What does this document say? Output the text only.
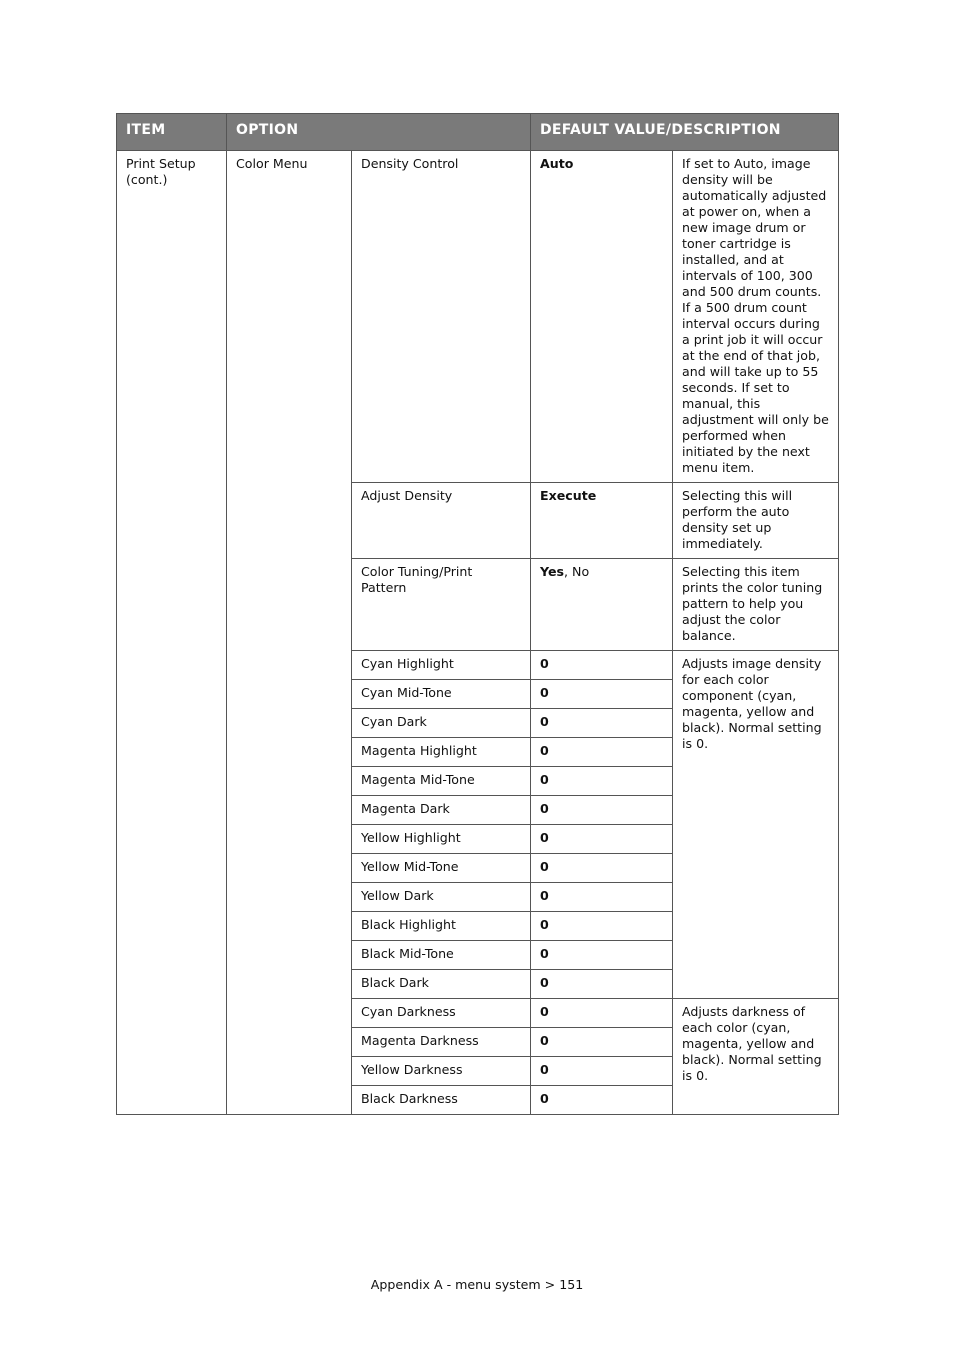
ITEM	OPTION		DEFAULT VALUE/DESCRIPTION	
Print Setup (cont.)	Color Menu	Density Control	Auto	If set to Auto, image density will be automatically adjusted at power on, when a new image drum or toner cartridge is installed, and at intervals of 100, 300 and 500 drum counts. If a 500 drum count interval occurs during a print job it will occur at the end of that job, and will take up to 55 seconds. If set to manual, this adjustment will only be performed when initiated by the next menu item.
		Adjust Density	Execute	Selecting this will perform the auto density set up immediately.
		Color Tuning/Print Pattern	Yes, No	Selecting this item prints the color tuning pattern to help you adjust the color balance.
		Cyan Highlight	0	Adjusts image density for each color component (cyan, magenta, yellow and black). Normal setting is 0.
		Cyan Mid-Tone	0	
		Cyan Dark	0	
		Magenta Highlight	0	
		Magenta Mid-Tone	0	
		Magenta Dark	0	
		Yellow Highlight	0	
		Yellow Mid-Tone	0	
		Yellow Dark	0	
		Black Highlight	0	
		Black Mid-Tone	0	
		Black Dark	0	
		Cyan Darkness	0	Adjusts darkness of each color (cyan, magenta, yellow and black). Normal setting is 0.
		Magenta Darkness	0	
		Yellow Darkness	0	
		Black Darkness	0	
Appendix A - menu system > 151
